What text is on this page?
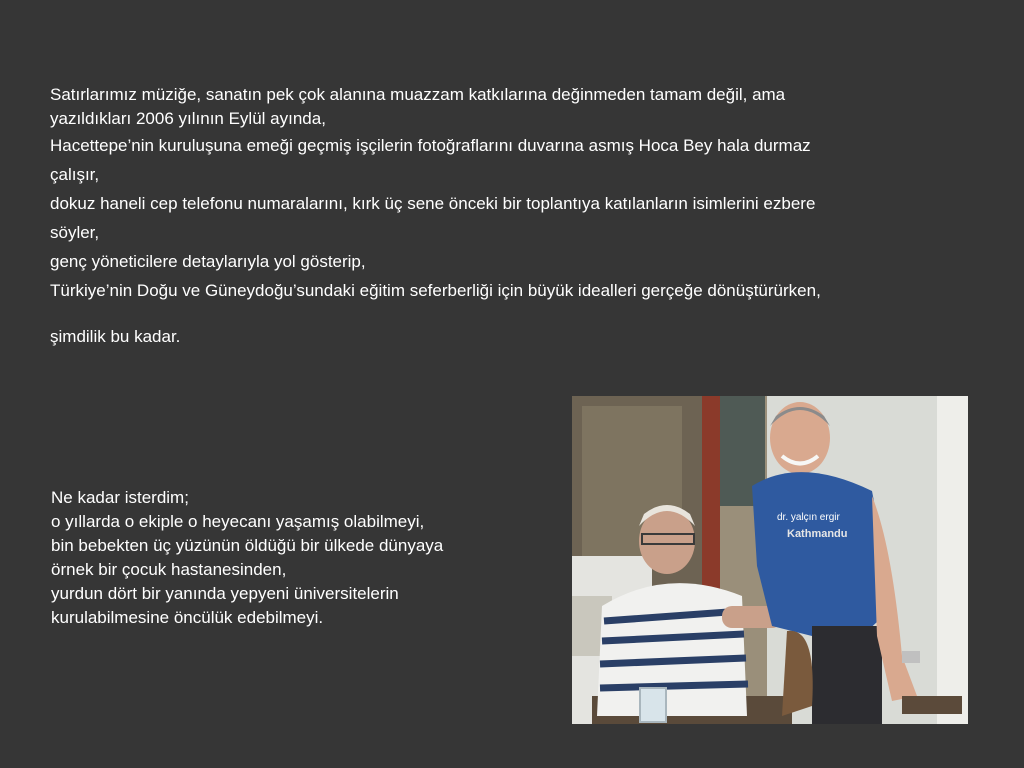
Satırlarımız müziğe, sanatın pek çok alanına muazzam katkılarına değinmeden tamam değil, ama

yazıldıkları 2006 yılının Eylül ayında,

Hacettepe’nin kuruluşuna emeği geçmiş işçilerin fotoğraflarını duvarına asmış Hoca Bey hala durmaz

çalışır,

dokuz haneli cep telefonu numaralarını, kırk üç sene önceki bir toplantıya katılanların isimlerini ezbere

söyler,

genç yöneticilere detaylarıyla yol gösterip,

Türkiye’nin Doğu ve Güneydoğu’sundaki eğitim seferberliği için büyük idealleri gerçeğe dönüştürürken,

şimdilik bu kadar.

Ne kadar isterdim;

o yıllarda o ekiple o heyecanı yaşamış olabilmeyi,

bin bebekten üç yüzünün öldüğü bir ülkede dünyaya

örnek bir çocuk hastanesinden,

yurdun dört bir yanında yepyeni üniversitelerin

kurulabilmesine öncülük edebilmeyi.

dr. yalçın ergir
Kathmandu
